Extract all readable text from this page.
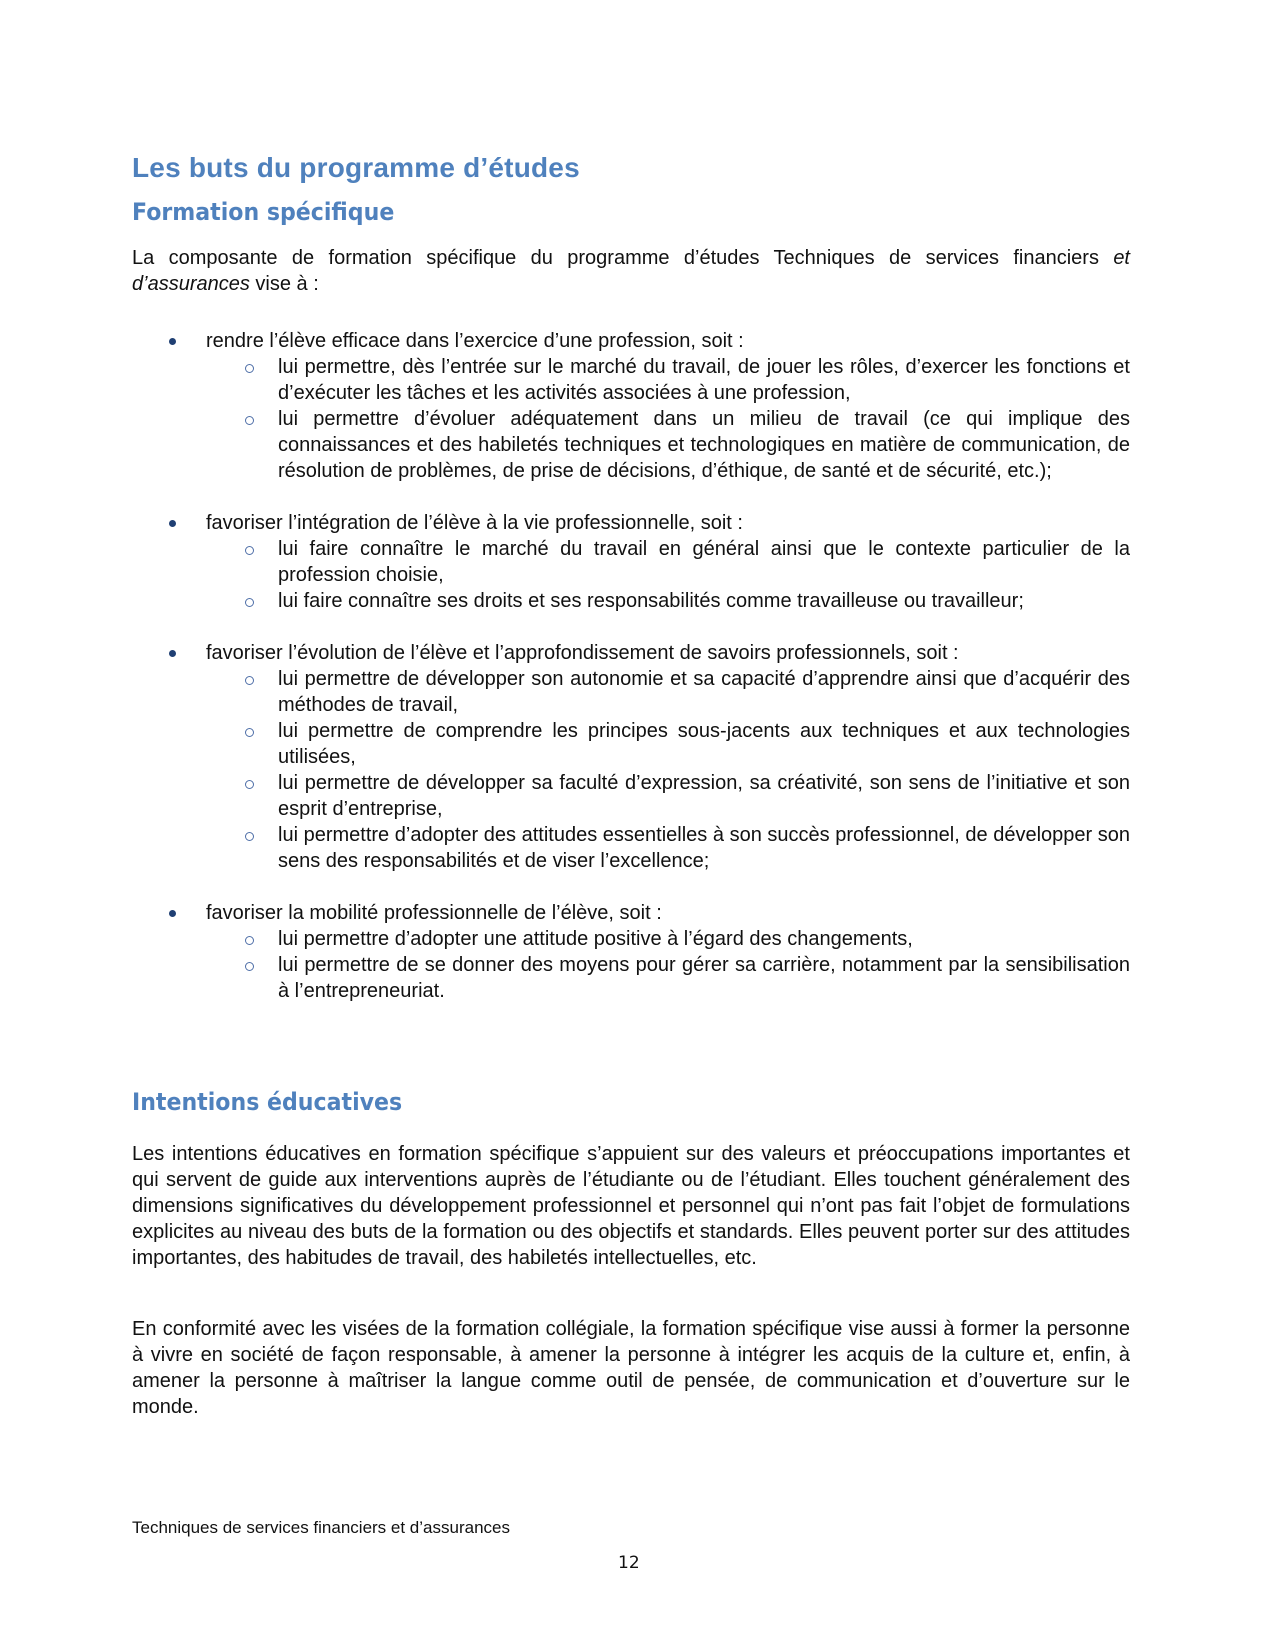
Les buts du programme d’études
Formation spécifique

La composante de formation spécifique du programme d’études Techniques de services financiers et d’assurances vise à :

rendre l’élève efficace dans l’exercice d’une profession, soit :
lui permettre, dès l’entrée sur le marché du travail, de jouer les rôles, d’exercer les fonctions et d’exécuter les tâches et les activités associées à une profession,
lui permettre d’évoluer adéquatement dans un milieu de travail (ce qui implique des connaissances et des habiletés techniques et technologiques en matière de communication, de résolution de problèmes, de prise de décisions, d’éthique, de santé et de sécurité, etc.);
favoriser l’intégration de l’élève à la vie professionnelle, soit :
lui faire connaître le marché du travail en général ainsi que le contexte particulier de la profession choisie,
lui faire connaître ses droits et ses responsabilités comme travailleuse ou travailleur;
favoriser l’évolution de l’élève et l’approfondissement de savoirs professionnels, soit :
lui permettre de développer son autonomie et sa capacité d’apprendre ainsi que d’acquérir des méthodes de travail,
lui permettre de comprendre les principes sous-jacents aux techniques et aux technologies utilisées,
lui permettre de développer sa faculté d’expression, sa créativité, son sens de l’initiative et son esprit d’entreprise,
lui permettre d’adopter des attitudes essentielles à son succès professionnel, de développer son sens des responsabilités et de viser l’excellence;
favoriser la mobilité professionnelle de l’élève, soit :
lui permettre d’adopter une attitude positive à l’égard des changements,
lui permettre de se donner des moyens pour gérer sa carrière, notamment par la sensibilisation à l’entrepreneuriat.
Intentions éducatives

Les intentions éducatives en formation spécifique s’appuient sur des valeurs et préoccupations importantes et qui servent de guide aux interventions auprès de l’étudiante ou de l’étudiant. Elles touchent généralement des dimensions significatives du développement professionnel et personnel qui n’ont pas fait l’objet de formulations explicites au niveau des buts de la formation ou des objectifs et standards. Elles peuvent porter sur des attitudes importantes, des habitudes de travail, des habiletés intellectuelles, etc.

En conformité avec les visées de la formation collégiale, la formation spécifique vise aussi à former la personne à vivre en société de façon responsable, à amener la personne à intégrer les acquis de la culture et, enfin, à amener la personne à maîtriser la langue comme outil de pensée, de communication et d’ouverture sur le monde.

Techniques de services financiers et d’assurances
12
